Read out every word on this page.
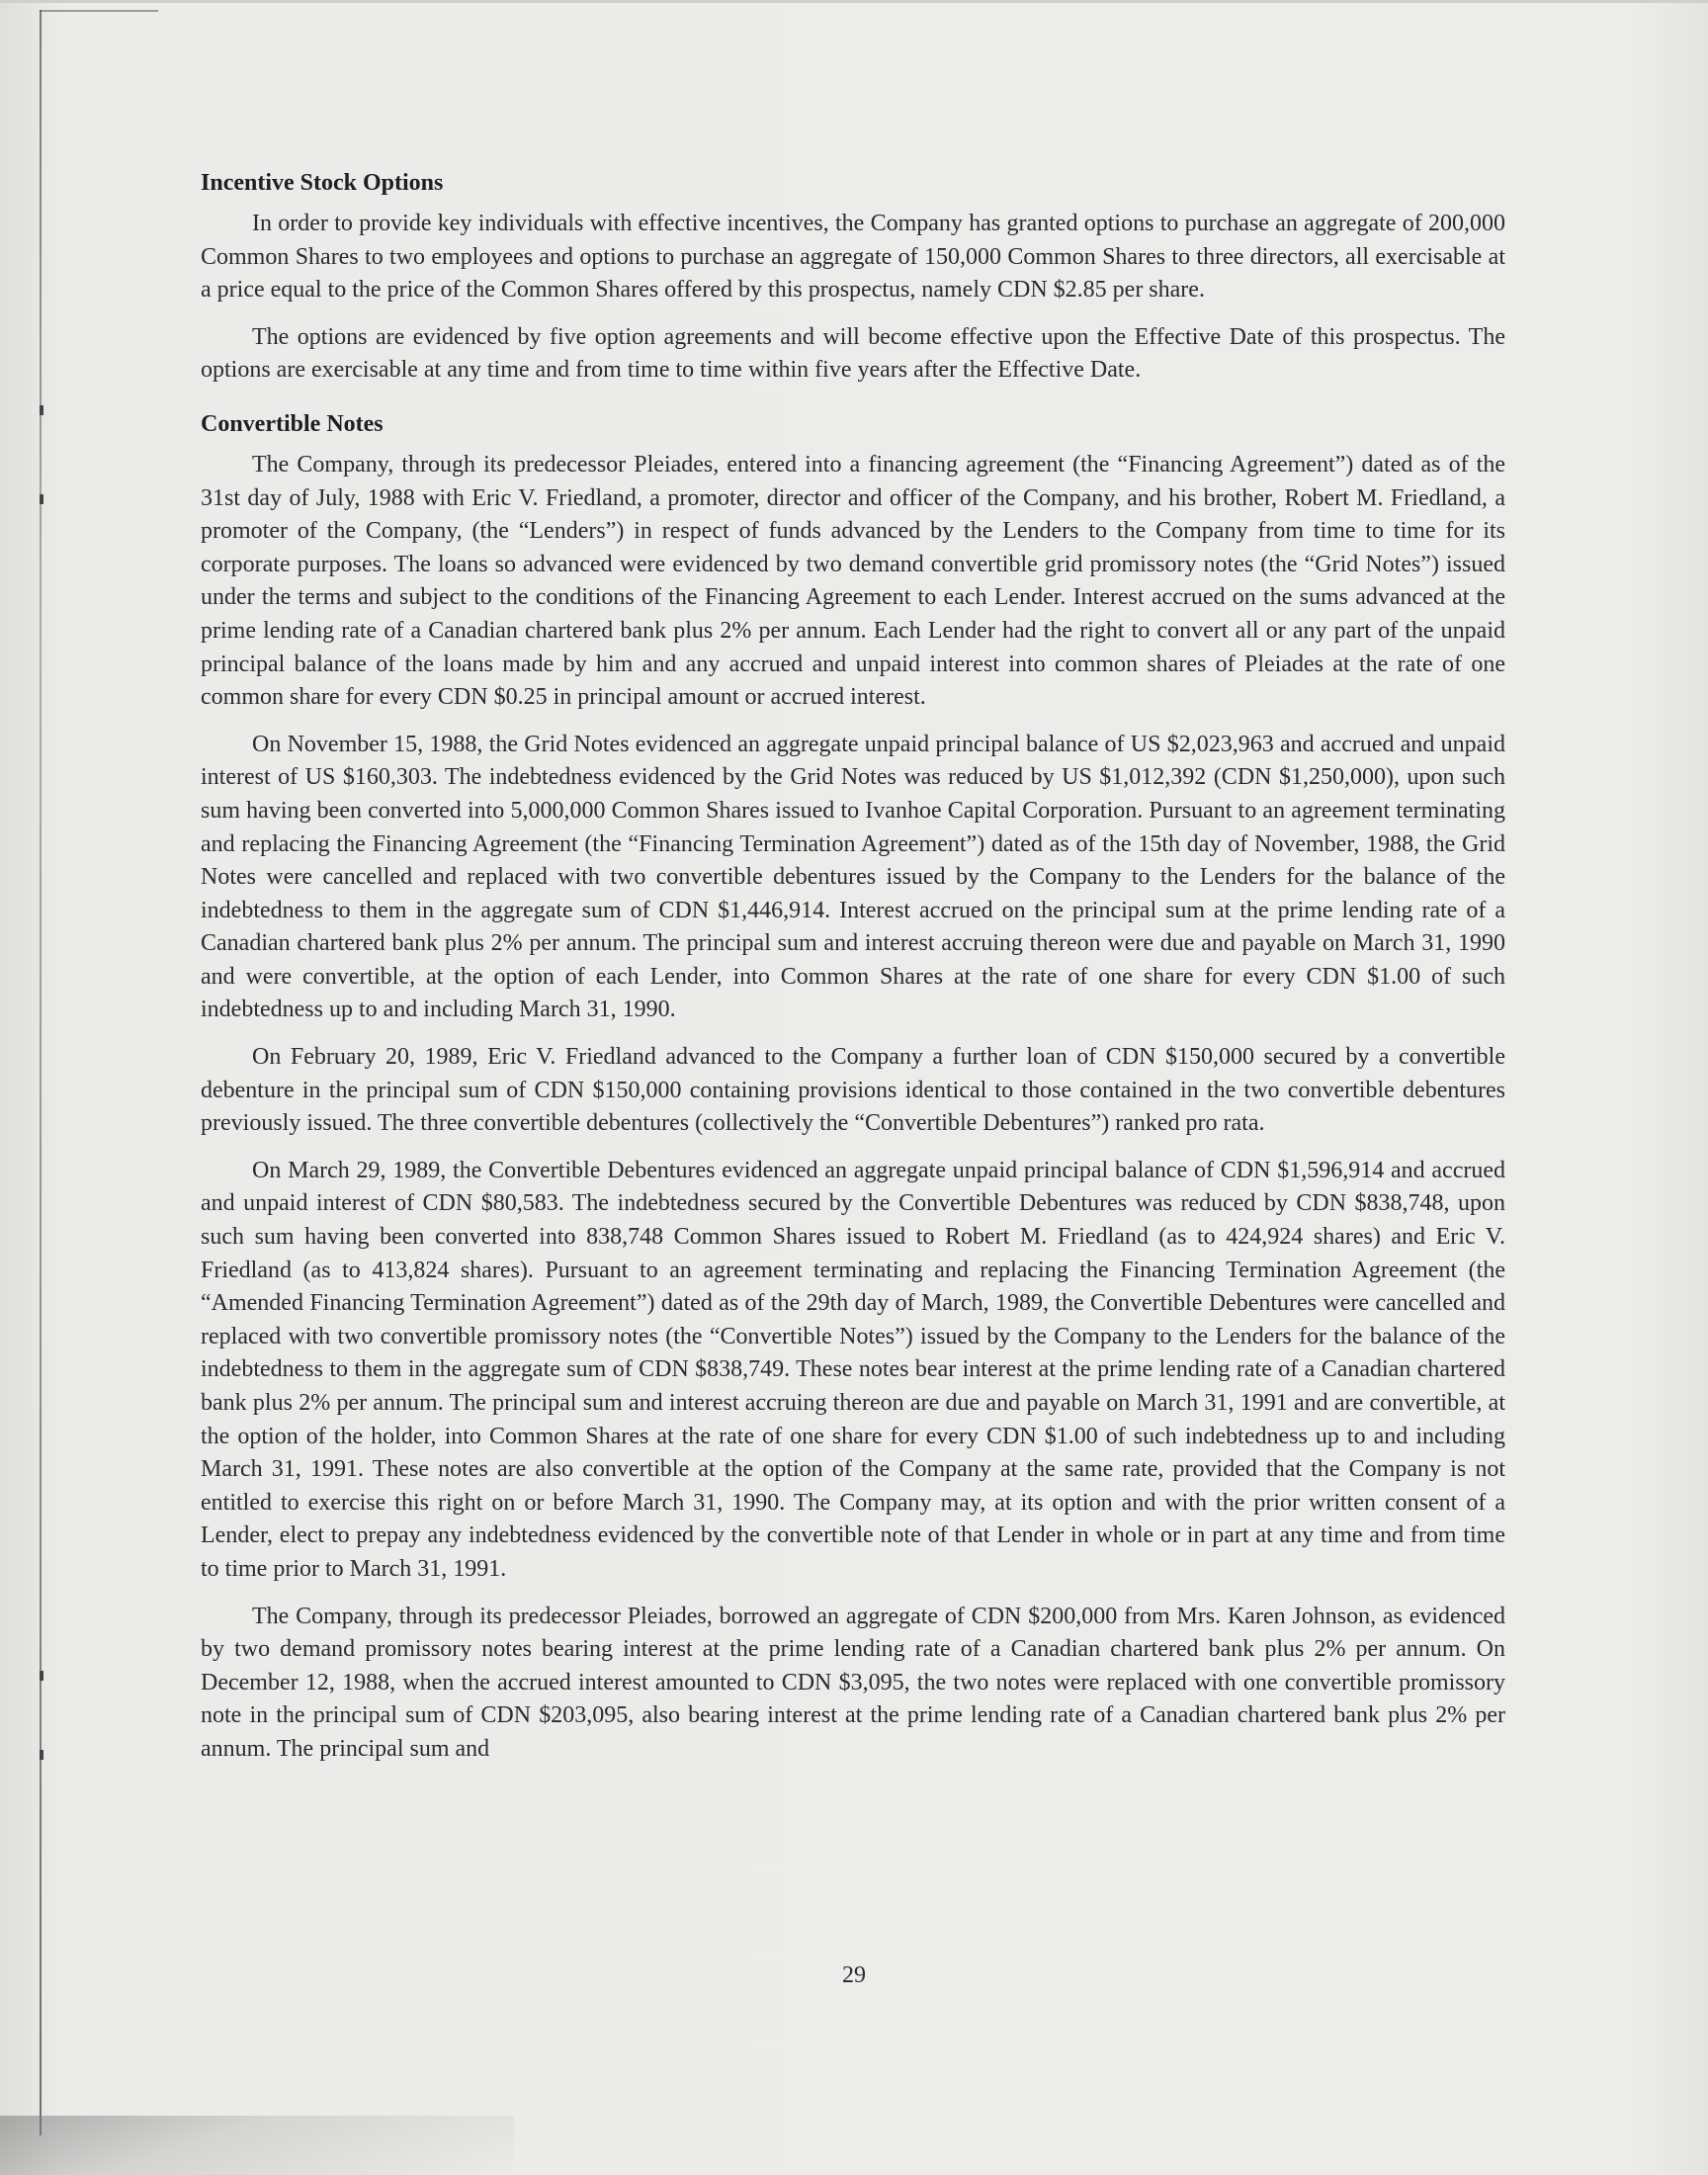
Incentive Stock Options

In order to provide key individuals with effective incentives, the Company has granted options to purchase an aggregate of 200,000 Common Shares to two employees and options to purchase an aggregate of 150,000 Common Shares to three directors, all exercisable at a price equal to the price of the Common Shares offered by this prospectus, namely CDN $2.85 per share.

The options are evidenced by five option agreements and will become effective upon the Effective Date of this prospectus. The options are exercisable at any time and from time to time within five years after the Effective Date.

Convertible Notes

The Company, through its predecessor Pleiades, entered into a financing agreement (the “Financing Agreement”) dated as of the 31st day of July, 1988 with Eric V. Friedland, a promoter, director and officer of the Company, and his brother, Robert M. Friedland, a promoter of the Company, (the “Lenders”) in respect of funds advanced by the Lenders to the Company from time to time for its corporate purposes. The loans so advanced were evidenced by two demand convertible grid promissory notes (the “Grid Notes”) issued under the terms and subject to the conditions of the Financing Agreement to each Lender. Interest accrued on the sums advanced at the prime lending rate of a Canadian chartered bank plus 2% per annum. Each Lender had the right to convert all or any part of the unpaid principal balance of the loans made by him and any accrued and unpaid interest into common shares of Pleiades at the rate of one common share for every CDN $0.25 in principal amount or accrued interest.

On November 15, 1988, the Grid Notes evidenced an aggregate unpaid principal balance of US $2,023,963 and accrued and unpaid interest of US $160,303. The indebtedness evidenced by the Grid Notes was reduced by US $1,012,392 (CDN $1,250,000), upon such sum having been converted into 5,000,000 Common Shares issued to Ivanhoe Capital Corporation. Pursuant to an agreement terminating and replacing the Financing Agreement (the “Financing Termination Agreement”) dated as of the 15th day of November, 1988, the Grid Notes were cancelled and replaced with two convertible debentures issued by the Company to the Lenders for the balance of the indebtedness to them in the aggregate sum of CDN $1,446,914. Interest accrued on the principal sum at the prime lending rate of a Canadian chartered bank plus 2% per annum. The principal sum and interest accruing thereon were due and payable on March 31, 1990 and were convertible, at the option of each Lender, into Common Shares at the rate of one share for every CDN $1.00 of such indebtedness up to and including March 31, 1990.

On February 20, 1989, Eric V. Friedland advanced to the Company a further loan of CDN $150,000 secured by a convertible debenture in the principal sum of CDN $150,000 containing provisions identical to those contained in the two convertible debentures previously issued. The three convertible debentures (collectively the “Convertible Debentures”) ranked pro rata.

On March 29, 1989, the Convertible Debentures evidenced an aggregate unpaid principal balance of CDN $1,596,914 and accrued and unpaid interest of CDN $80,583. The indebtedness secured by the Convertible Debentures was reduced by CDN $838,748, upon such sum having been converted into 838,748 Common Shares issued to Robert M. Friedland (as to 424,924 shares) and Eric V. Friedland (as to 413,824 shares). Pursuant to an agreement terminating and replacing the Financing Termination Agreement (the “Amended Financing Termination Agreement”) dated as of the 29th day of March, 1989, the Convertible Debentures were cancelled and replaced with two convertible promissory notes (the “Convertible Notes”) issued by the Company to the Lenders for the balance of the indebtedness to them in the aggregate sum of CDN $838,749. These notes bear interest at the prime lending rate of a Canadian chartered bank plus 2% per annum. The principal sum and interest accruing thereon are due and payable on March 31, 1991 and are convertible, at the option of the holder, into Common Shares at the rate of one share for every CDN $1.00 of such indebtedness up to and including March 31, 1991. These notes are also convertible at the option of the Company at the same rate, provided that the Company is not entitled to exercise this right on or before March 31, 1990. The Company may, at its option and with the prior written consent of a Lender, elect to prepay any indebtedness evidenced by the convertible note of that Lender in whole or in part at any time and from time to time prior to March 31, 1991.

The Company, through its predecessor Pleiades, borrowed an aggregate of CDN $200,000 from Mrs. Karen Johnson, as evidenced by two demand promissory notes bearing interest at the prime lending rate of a Canadian chartered bank plus 2% per annum. On December 12, 1988, when the accrued interest amounted to CDN $3,095, the two notes were replaced with one convertible promissory note in the principal sum of CDN $203,095, also bearing interest at the prime lending rate of a Canadian chartered bank plus 2% per annum. The principal sum and

29
